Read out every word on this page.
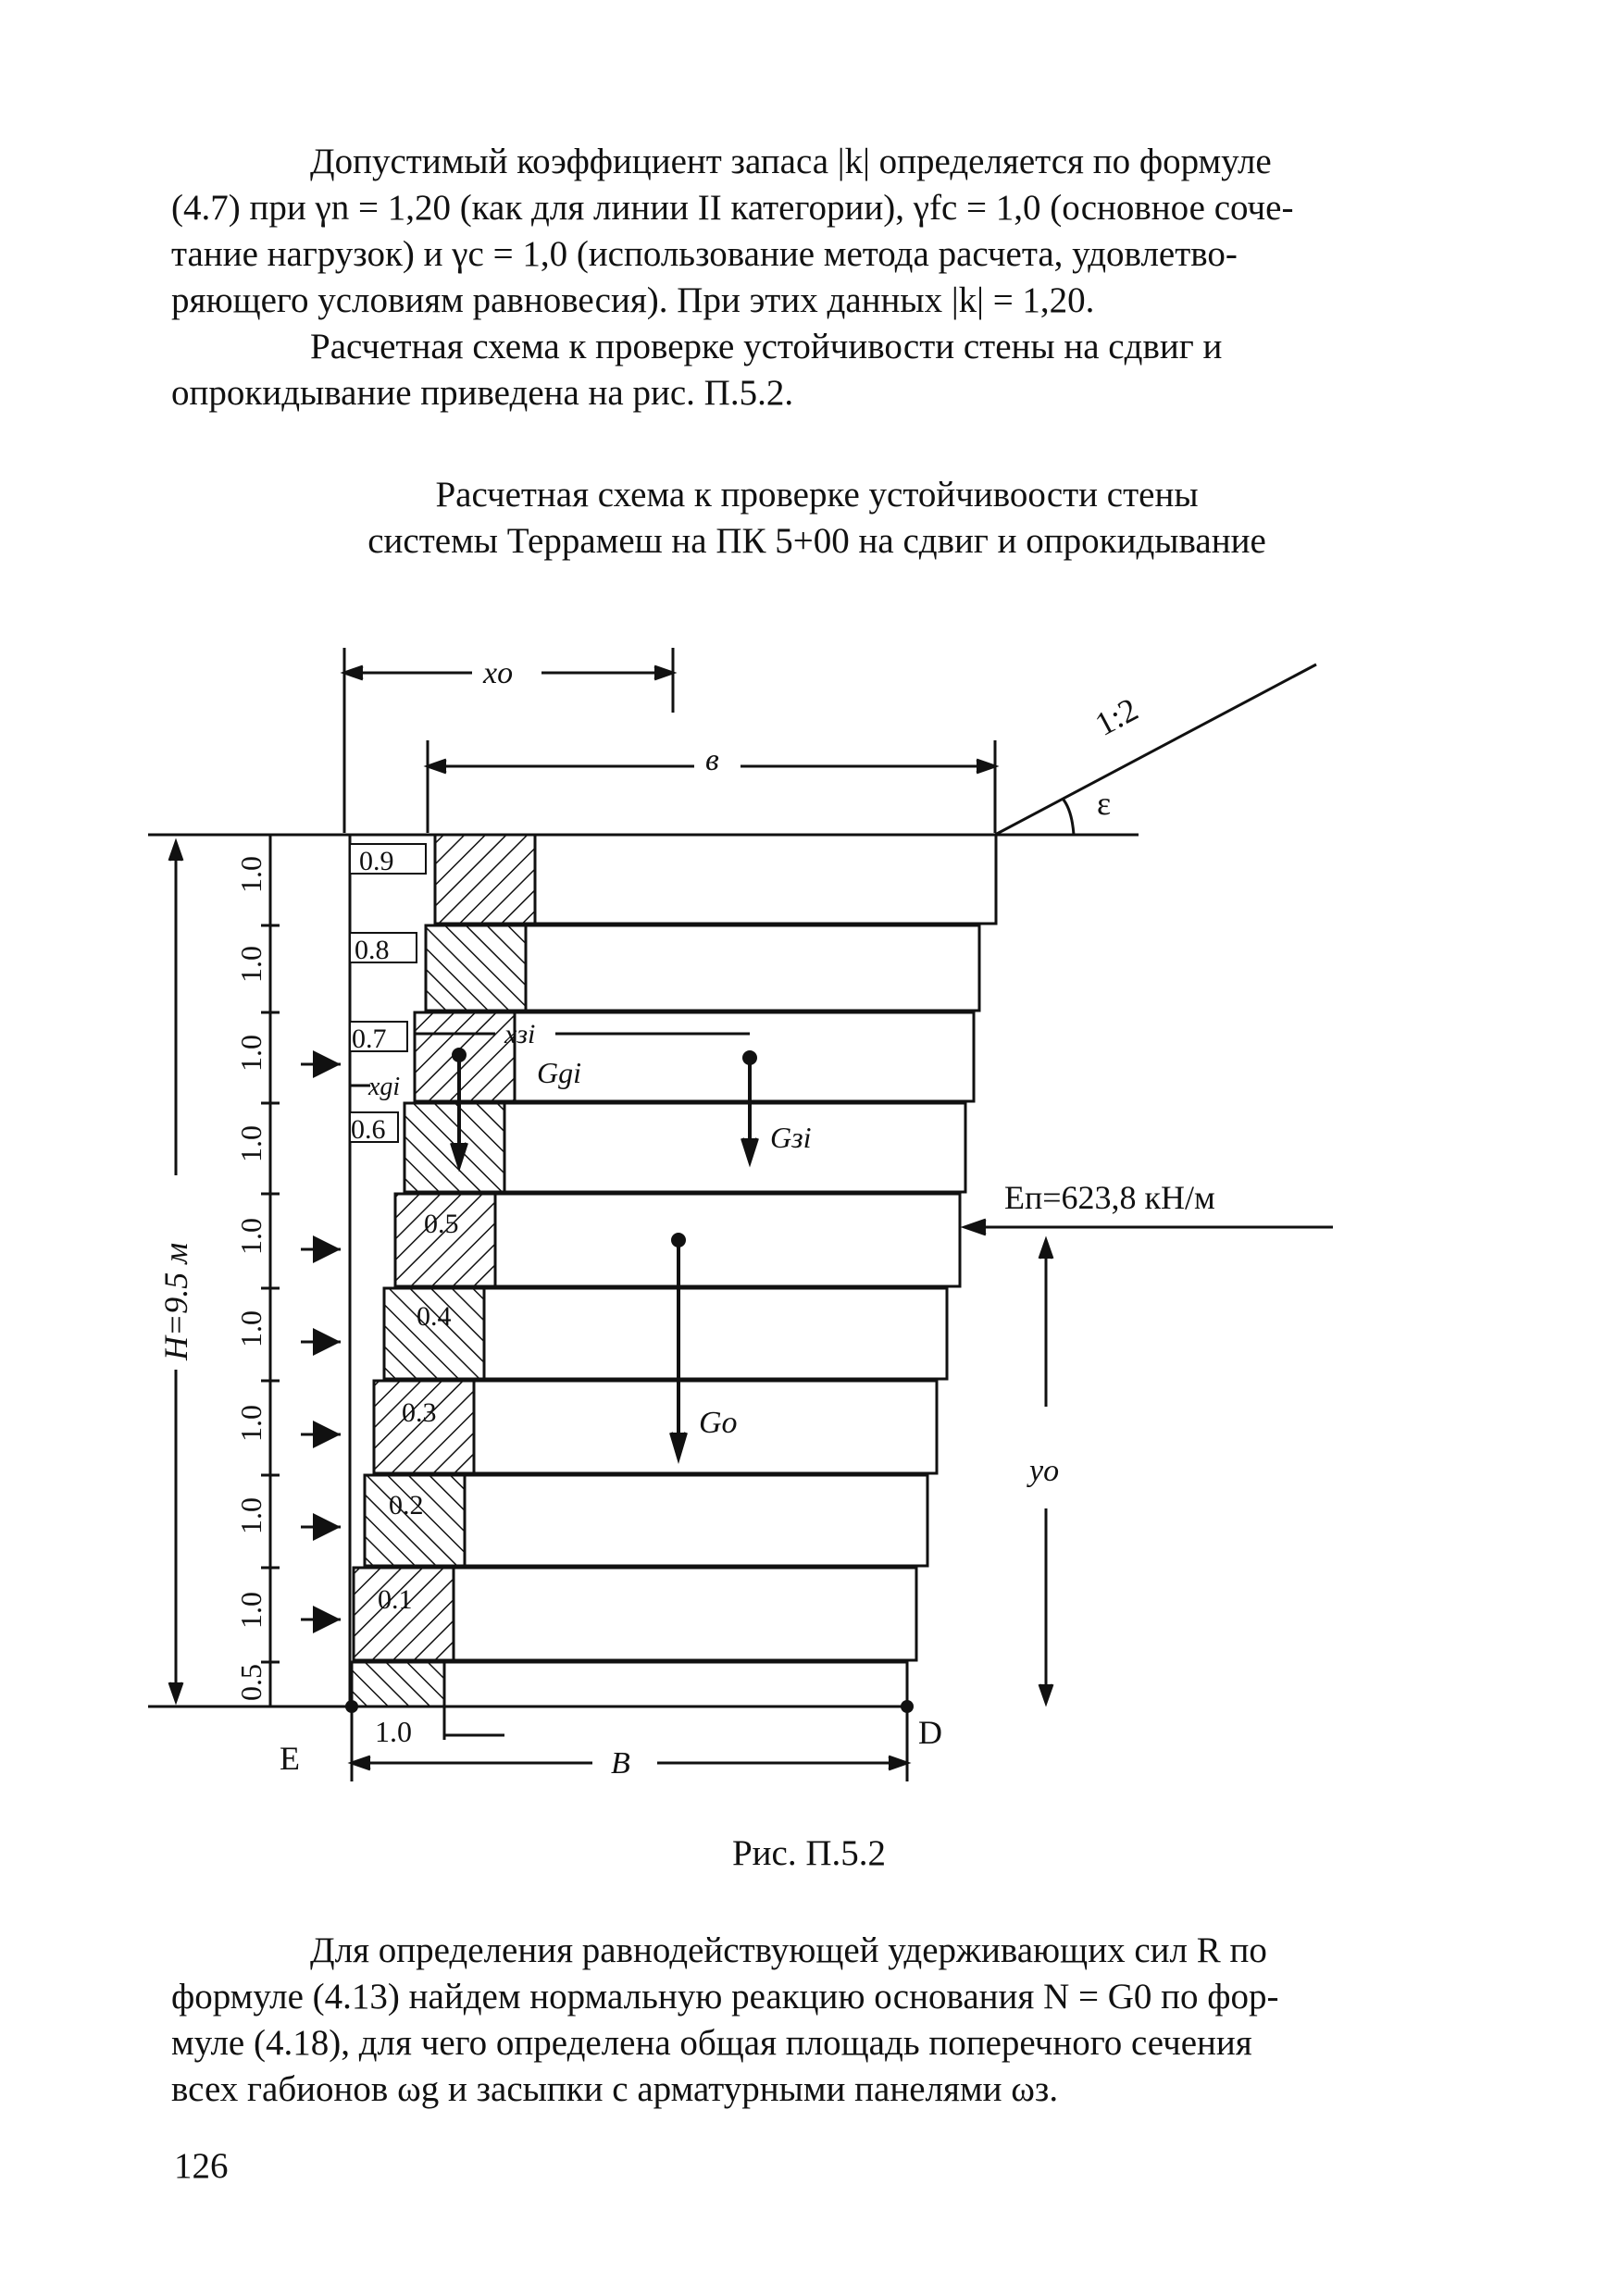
Допустимый коэффициент запаса |k| определяется по формуле
(4.7) при γn = 1,20 (как для линии II категории), γfc = 1,0 (основное соче-
тание нагрузок) и γc = 1,0 (использование метода расчета, удовлетво-
ряющего условиям равновесия). При этих данных |k| = 1,20.
Расчетная схема к проверке устойчивости стены на сдвиг и
опрокидывание приведена на рис. П.5.2.
Расчетная схема к проверке устойчивоости стены
системы Террамеш на ПК 5+00 на сдвиг и опрокидывание
0.9
0.8
0.7
0.6
0.5
0.4
0.3
0.2
0.1
1.0
1.0
1.0
1.0
1.0
1.0
1.0
1.0
1.0
0.5
H=9.5 м
xo
в
1:2
ε
Eп=623,8 кН/м
yo
Go
Gзi
Ggi
xзi
xgi
E
D
1.0
B
Рис. П.5.2
Для определения равнодействующей удерживающих сил R по
формуле (4.13) найдем нормальную реакцию основания N = G0 по фор-
муле (4.18), для чего определена общая площадь поперечного сечения
всех габионов ωg и засыпки с арматурными панелями ωз.
126
